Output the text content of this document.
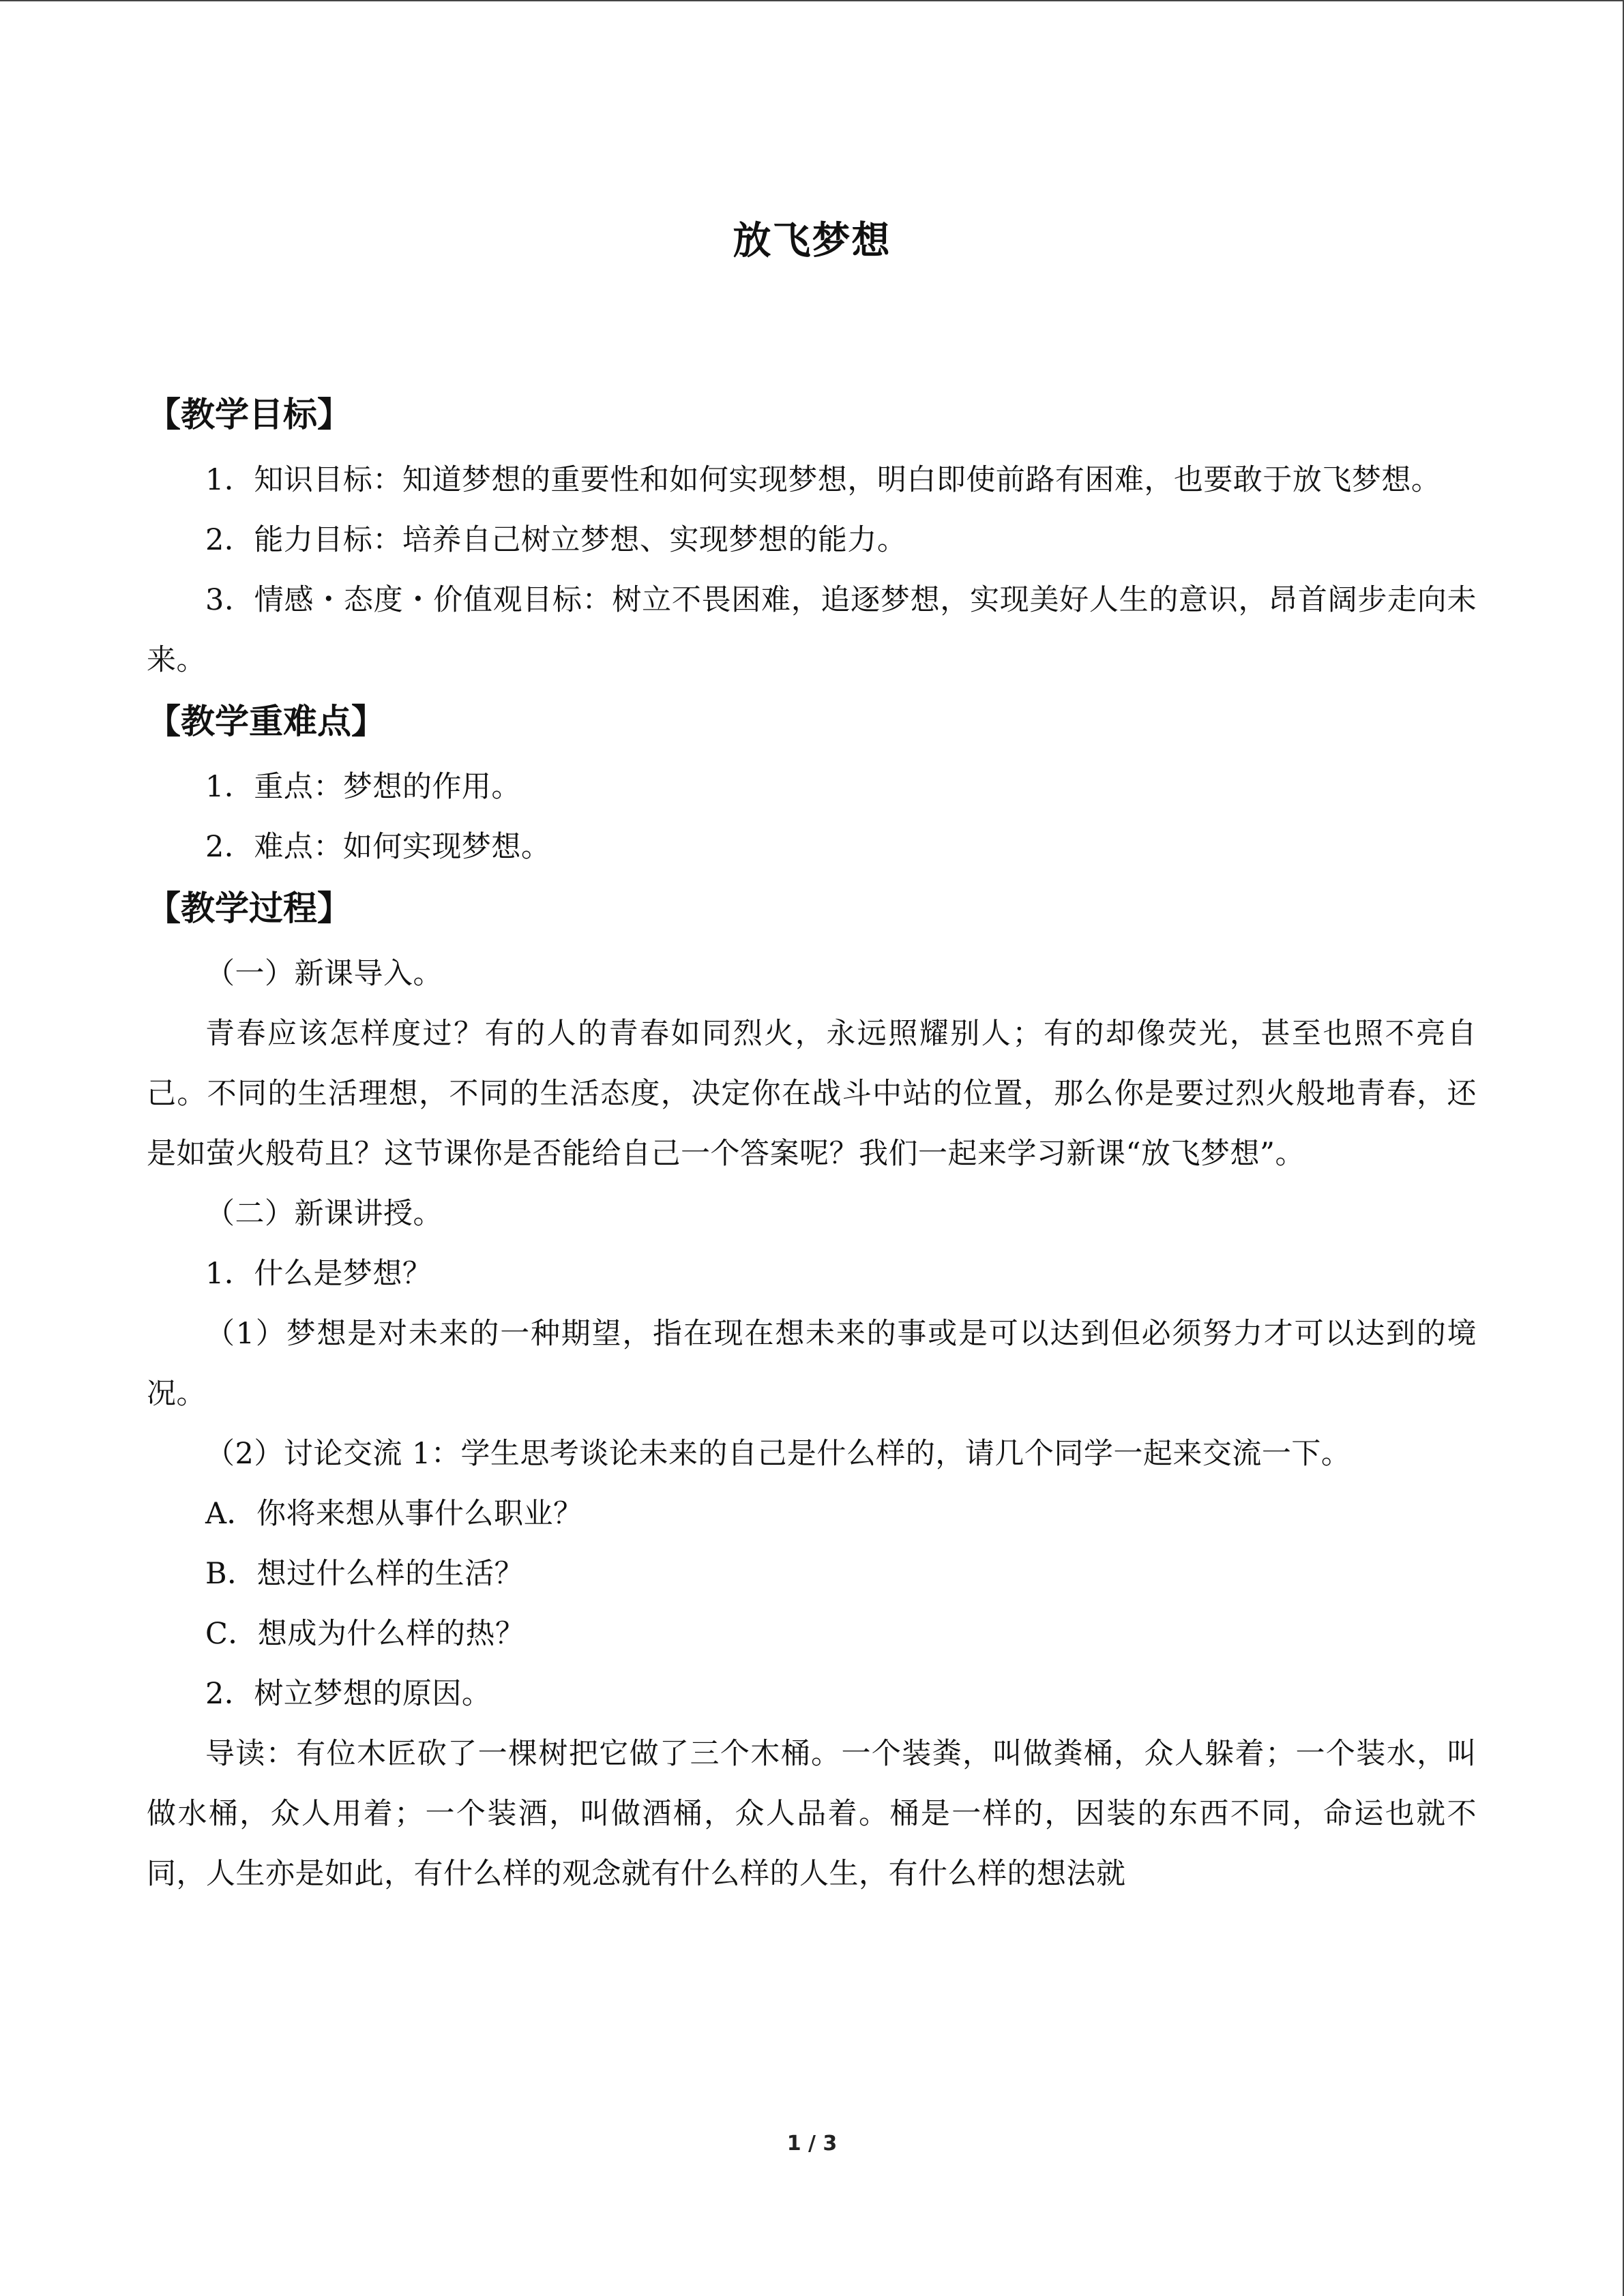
放飞梦想

【教学目标】

1．知识目标：知道梦想的重要性和如何实现梦想，明白即使前路有困难，也要敢于放飞梦想。

2．能力目标：培养自己树立梦想、实现梦想的能力。

3．情感・态度・价值观目标：树立不畏困难，追逐梦想，实现美好人生的意识，昂首阔步走向未来。

【教学重难点】

1．重点：梦想的作用。

2．难点：如何实现梦想。

【教学过程】

（一）新课导入。

青春应该怎样度过？有的人的青春如同烈火，永远照耀别人；有的却像荧光，甚至也照不亮自己。不同的生活理想，不同的生活态度，决定你在战斗中站的位置，那么你是要过烈火般地青春，还是如萤火般苟且？这节课你是否能给自己一个答案呢？我们一起来学习新课“放飞梦想”。

（二）新课讲授。

1．什么是梦想？

（1）梦想是对未来的一种期望，指在现在想未来的事或是可以达到但必须努力才可以达到的境况。

（2）讨论交流 1：学生思考谈论未来的自己是什么样的，请几个同学一起来交流一下。

A．你将来想从事什么职业？

B．想过什么样的生活？

C．想成为什么样的热？

2．树立梦想的原因。

导读：有位木匠砍了一棵树把它做了三个木桶。一个装粪，叫做粪桶，众人躲着；一个装水，叫做水桶，众人用着；一个装酒，叫做酒桶，众人品着。桶是一样的，因装的东西不同，命运也就不同，人生亦是如此，有什么样的观念就有什么样的人生，有什么样的想法就

1 / 3
